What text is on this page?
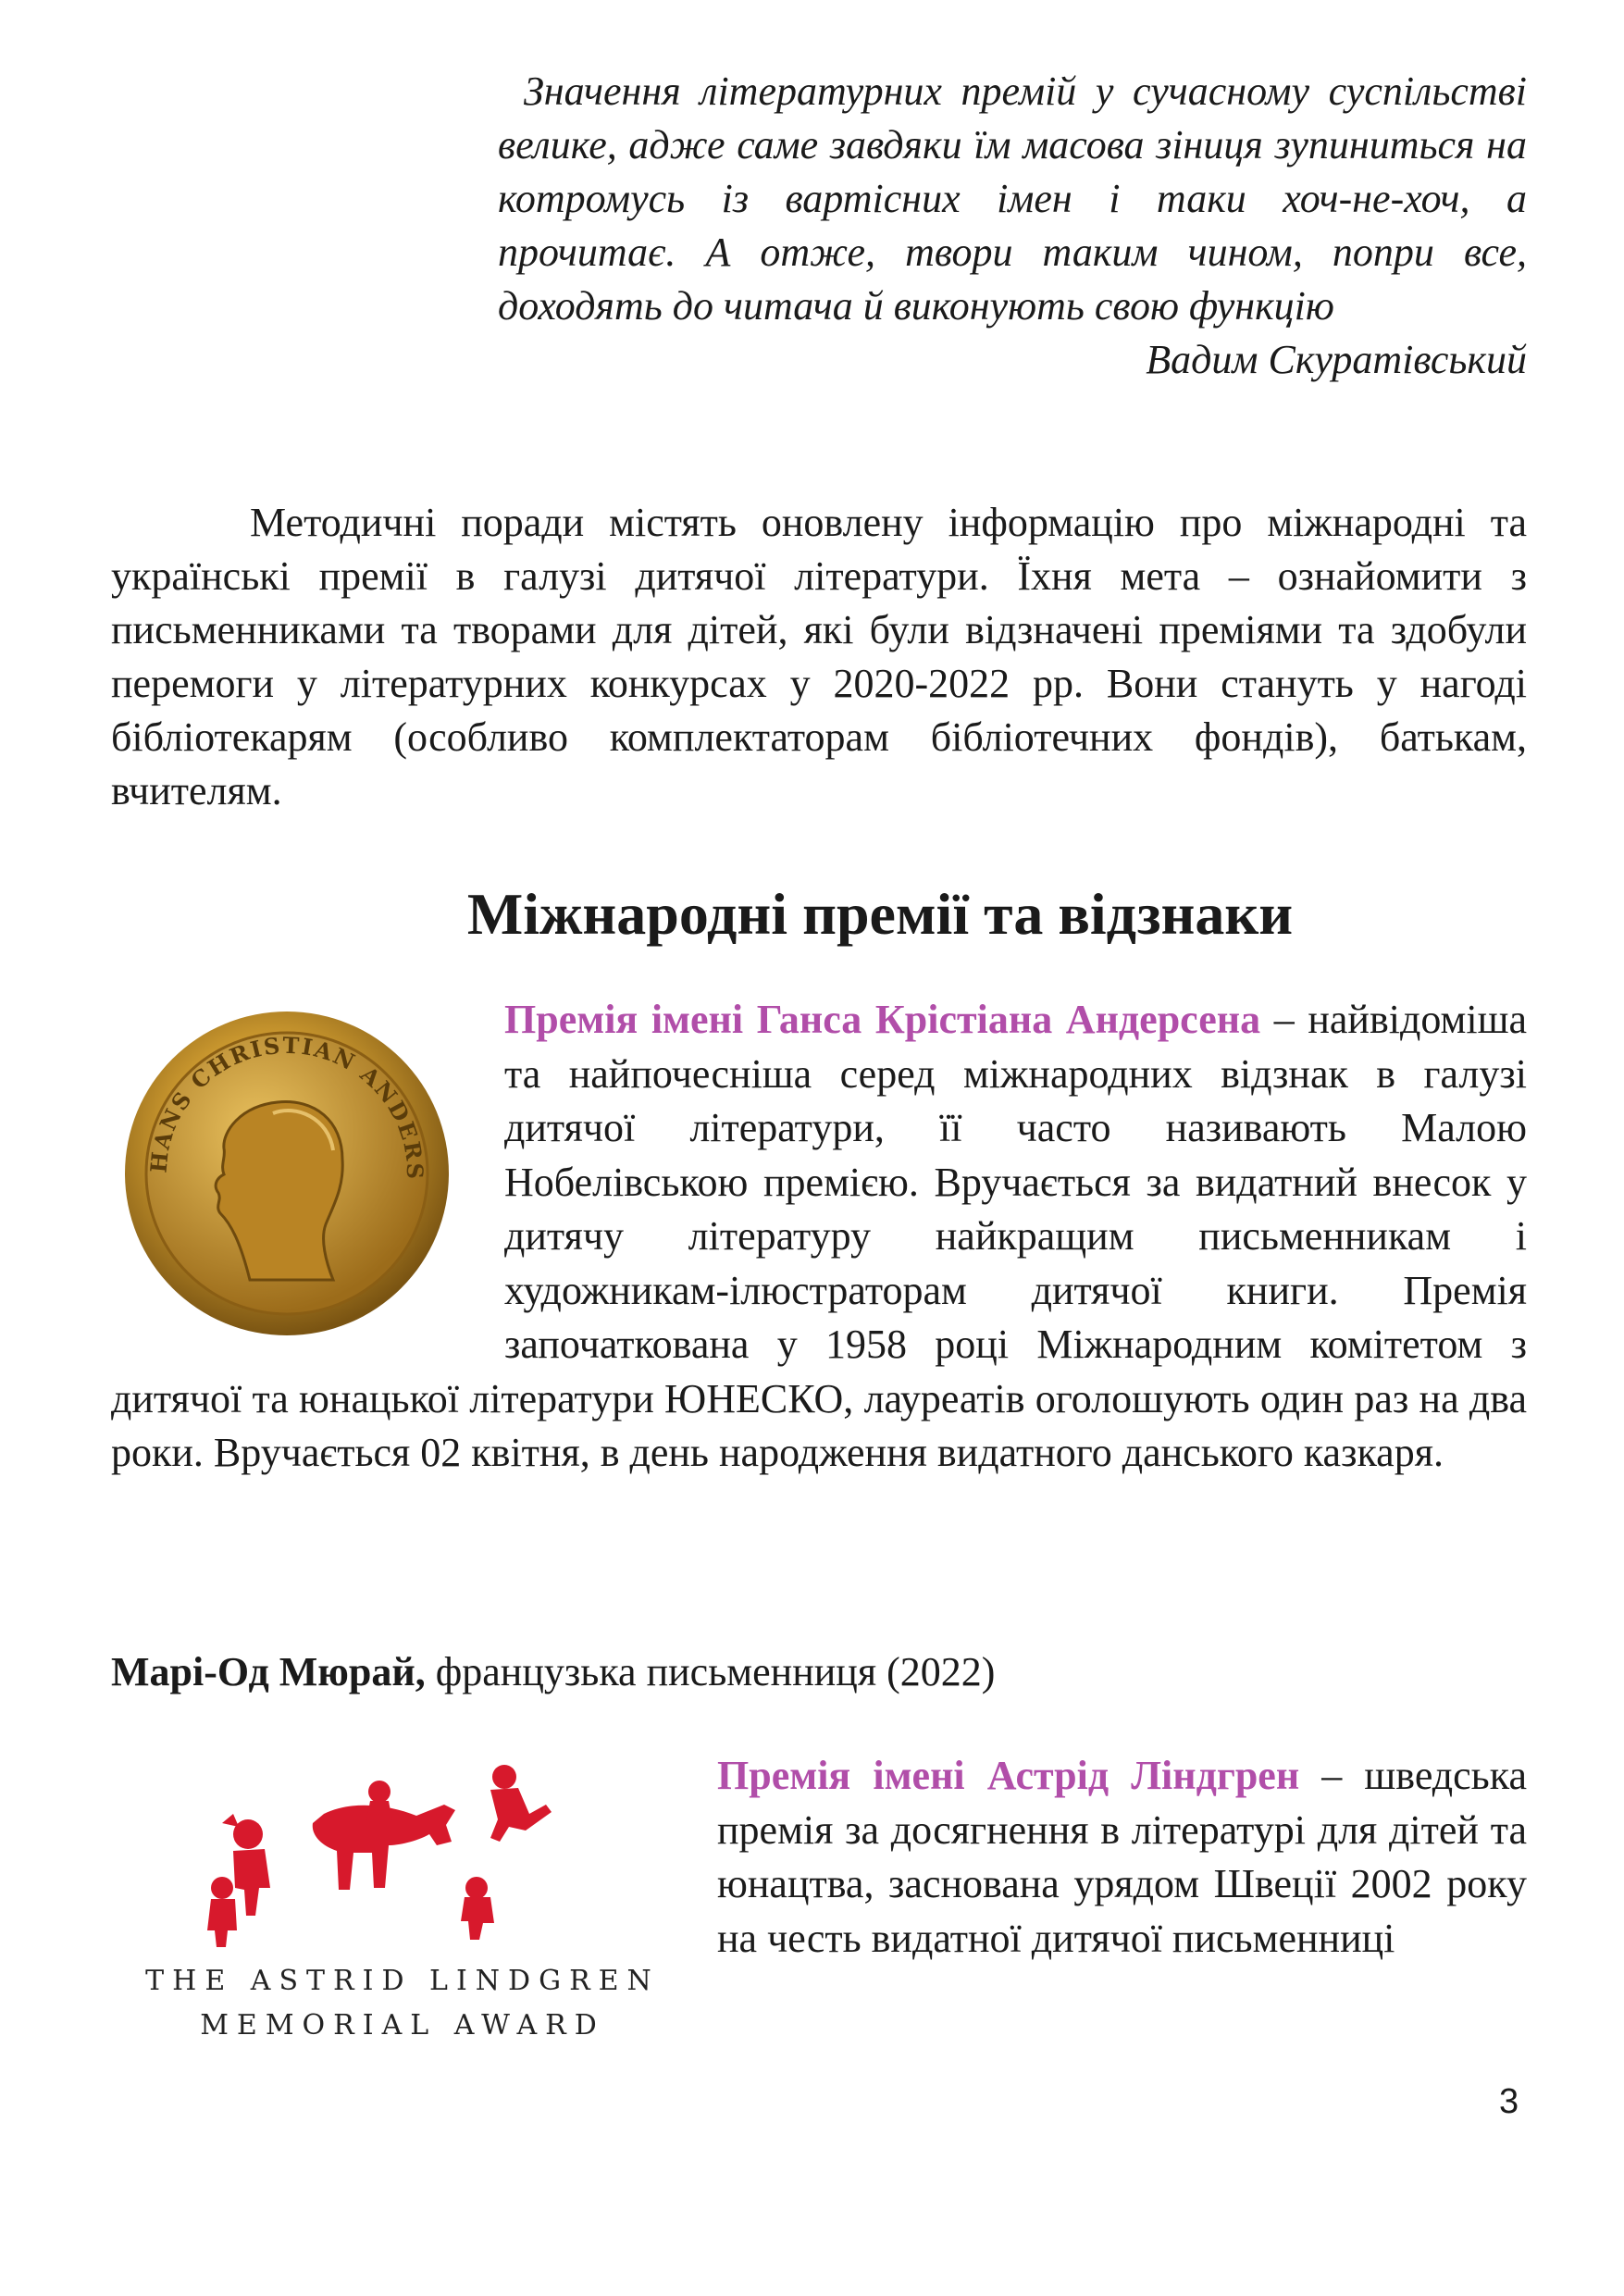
Значення літературних премій у сучасному суспільстві велике, адже саме завдяки їм масова зіниця зупиниться на котромусь із вартісних імен і таки хоч-не-хоч, а прочитає. А отже, твори таким чином, попри все, доходять до читача й виконують свою функцію
Вадим Скуратівський
Методичні поради містять оновлену інформацію про міжнародні та українські премії в галузі дитячої літератури. Їхня мета – ознайомити з письменниками та творами для дітей, які були відзначені преміями та здобули перемоги у літературних конкурсах у 2020-2022 рр. Вони стануть у нагоді бібліотекарям (особливо комплектаторам бібліотечних фондів), батькам, вчителям.
Міжнародні премії та відзнаки
HANS CHRISTIAN ANDERS
Премія імені Ганса Крістіана Андерсена – найвідоміша та найпочесніша серед міжнародних відзнак в галузі дитячої літератури, її часто називають Малою Нобелівською премією. Вручається за видатний внесок у дитячу літературу найкращим письменникам і художникам-ілюстраторам дитячої книги. Премія започаткована у 1958 році Міжнародним комітетом з дитячої та юнацької літератури ЮНЕСКО, лауреатів оголошують один раз на два роки. Вручається 02 квітня, в день народження видатного данського казкаря.
Марі-Од Мюрай, французька письменниця (2022)
THE ASTRID LINDGREN
MEMORIAL AWARD
Премія імені Астрід Ліндгрен – шведська премія за досягнення в літературі для дітей та юнацтва, заснована урядом Швеції 2002 року на честь видатної дитячої письменниці
3
